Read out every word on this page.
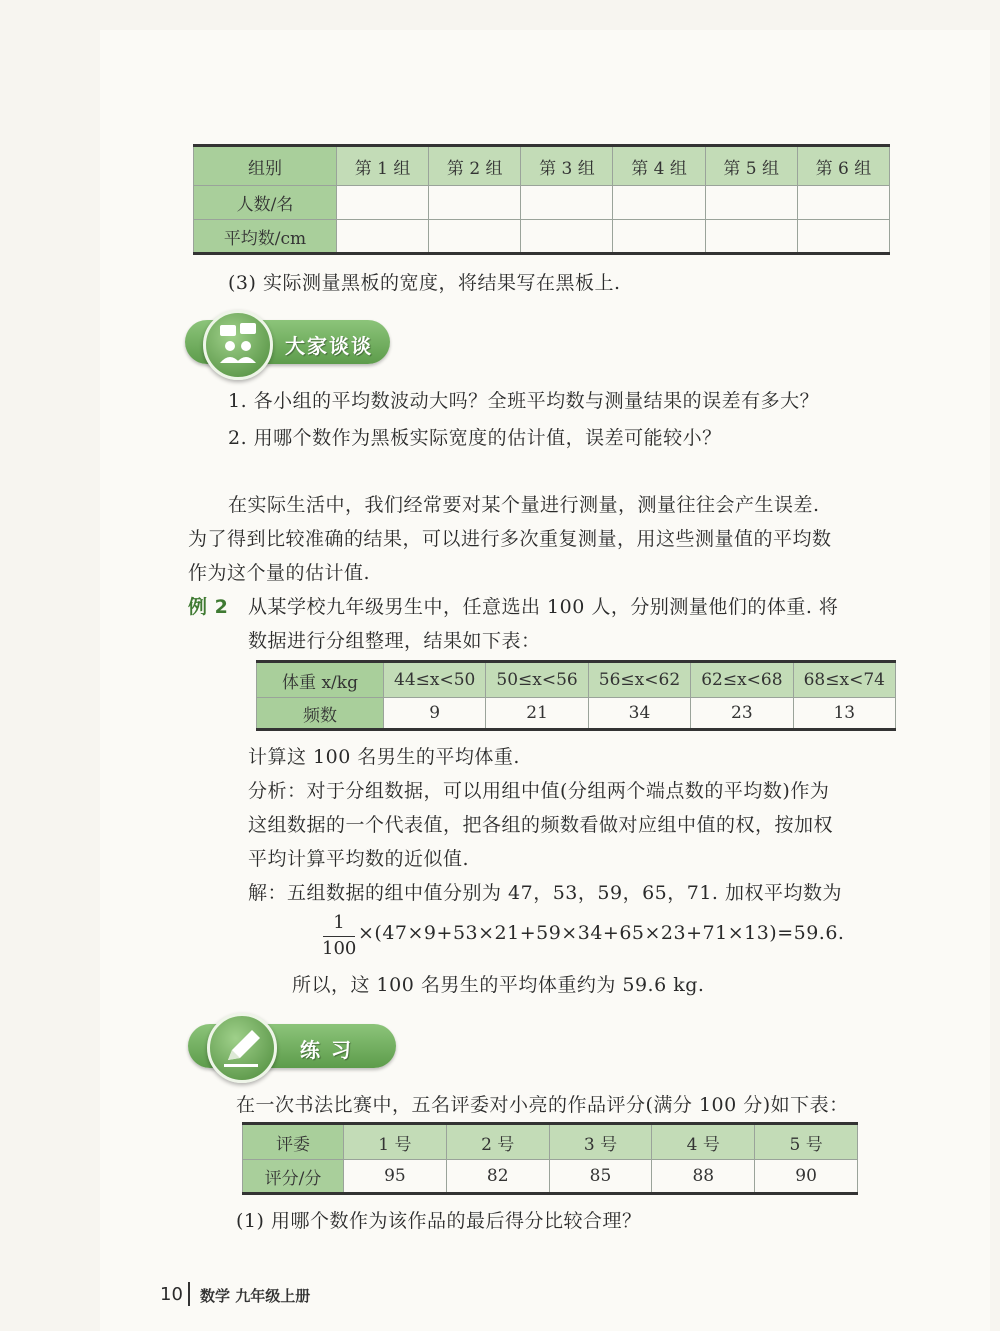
组别	第 1 组	第 2 组	第 3 组	第 4 组	第 5 组	第 6 组
人数/名						
平均数/cm						
(3) 实际测量黑板的宽度，将结果写在黑板上.
大家谈谈
1. 各小组的平均数波动大吗？全班平均数与测量结果的误差有多大？
2. 用哪个数作为黑板实际宽度的估计值，误差可能较小？
在实际生活中，我们经常要对某个量进行测量，测量往往会产生误差.
为了得到比较准确的结果，可以进行多次重复测量，用这些测量值的平均数
作为这个量的估计值.
例 2 从某学校九年级男生中，任意选出 100 人，分别测量他们的体重. 将
数据进行分组整理，结果如下表：
体重 x/kg	44≤x<50	50≤x<56	56≤x<62	62≤x<68	68≤x<74
频数	9	21	34	23	13
计算这 100 名男生的平均体重.
分析：对于分组数据，可以用组中值(分组两个端点数的平均数)作为
这组数据的一个代表值，把各组的频数看做对应组中值的权，按加权
平均计算平均数的近似值.
解：五组数据的组中值分别为 47，53，59，65，71. 加权平均数为
1
100
×(47×9+53×21+59×34+65×23+71×13)=59.6.
所以，这 100 名男生的平均体重约为 59.6 kg.
练 习
在一次书法比赛中，五名评委对小亮的作品评分(满分 100 分)如下表：
评委	1 号	2 号	3 号	4 号	5 号
评分/分	95	82	85	88	90
(1) 用哪个数作为该作品的最后得分比较合理？
10 数学 九年级上册
